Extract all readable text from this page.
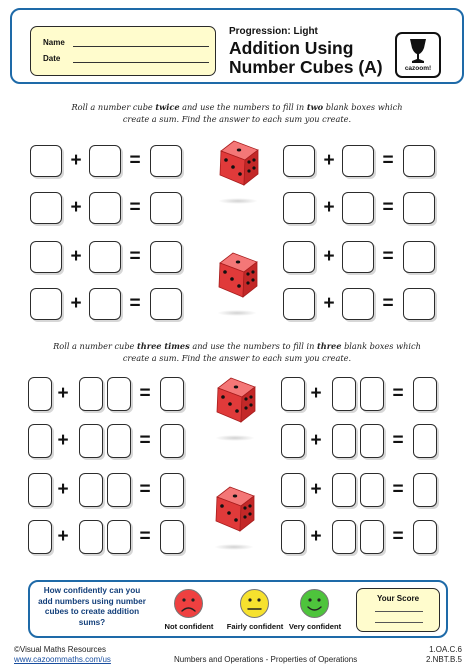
Name
Date
Progression: Light
Addition Using
Number Cubes (A)	cazoom!
Roll a number cube twice and use the numbers to fill in two blank boxes which
create a sum. Find the answer to each sum you create.
+	=
+	=
+	=
+	=
+	=
+	=
+	=
+	=
Roll a number cube three times and use the numbers to fill in three blank boxes which
create a sum. Find the answer to each sum you create.
+	=
+	=
+	=
+	=
+	=
+	=
+	=
+	=
How confidently can you add numbers using number cubes to create addition sums?	Not confident	Fairly confident Very confident
Your Score
©Visual Maths Resources
www.cazoommaths.com/us	Numbers and Operations - Properties of Operations
1.OA.C.6
2.NBT.B.5
